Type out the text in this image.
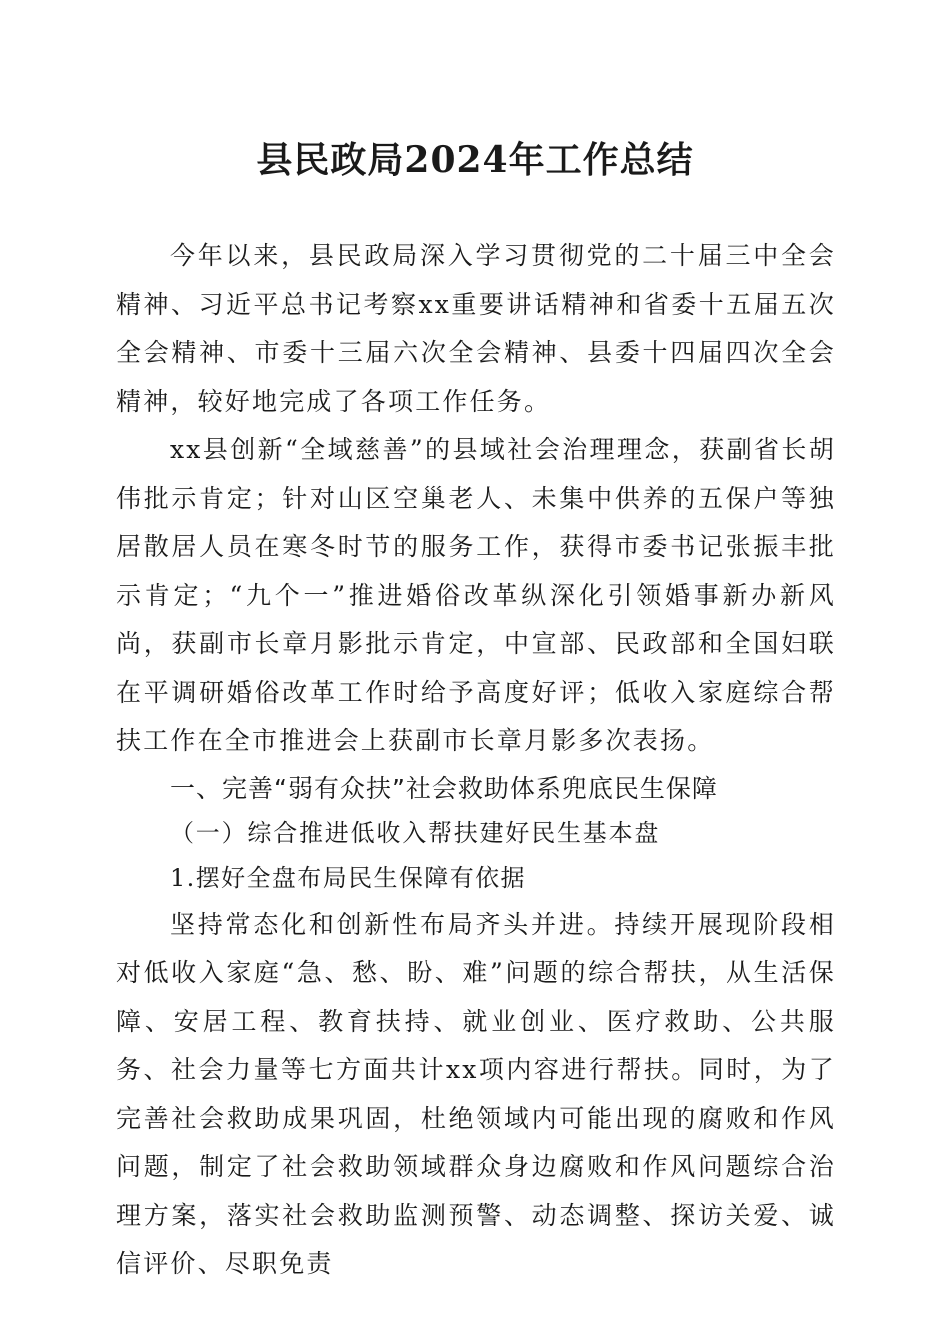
县民政局2024年工作总结

今年以来，县民政局深入学习贯彻党的二十届三中全会精神、习近平总书记考察xx重要讲话精神和省委十五届五次全会精神、市委十三届六次全会精神、县委十四届四次全会精神，较好地完成了各项工作任务。

xx县创新“全域慈善”的县域社会治理理念，获副省长胡伟批示肯定；针对山区空巢老人、未集中供养的五保户等独居散居人员在寒冬时节的服务工作，获得市委书记张振丰批示肯定；“九个一”推进婚俗改革纵深化引领婚事新办新风尚，获副市长章月影批示肯定，中宣部、民政部和全国妇联在平调研婚俗改革工作时给予高度好评；低收入家庭综合帮扶工作在全市推进会上获副市长章月影多次表扬。

一、完善“弱有众扶”社会救助体系兜底民生保障

（一）综合推进低收入帮扶建好民生基本盘

1.摆好全盘布局民生保障有依据

坚持常态化和创新性布局齐头并进。持续开展现阶段相对低收入家庭“急、愁、盼、难”问题的综合帮扶，从生活保障、安居工程、教育扶持、就业创业、医疗救助、公共服务、社会力量等七方面共计xx项内容进行帮扶。同时，为了完善社会救助成果巩固，杜绝领域内可能出现的腐败和作风问题，制定了社会救助领域群众身边腐败和作风问题综合治理方案，落实社会救助监测预警、动态调整、探访关爱、诚信评价、尽职免责
